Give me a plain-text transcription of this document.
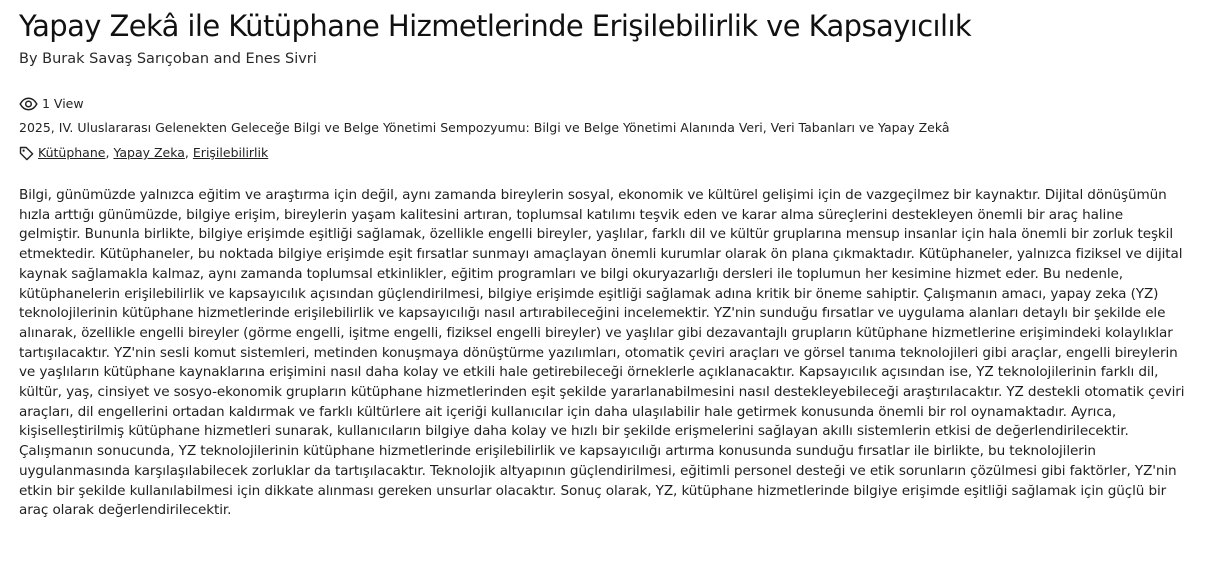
Yapay Zekâ ile Kütüphane Hizmetlerinde Erişilebilirlik ve Kapsayıcılık
By Burak Savaş Sarıçoban and Enes Sivri
1 View
2025, IV. Uluslararası Gelenekten Geleceğe Bilgi ve Belge Yönetimi Sempozyumu: Bilgi ve Belge Yönetimi Alanında Veri, Veri Tabanları ve Yapay Zekâ
Kütüphane , Yapay Zeka , Erişilebilirlik
Bilgi, günümüzde yalnızca eğitim ve araştırma için değil, aynı zamanda bireylerin sosyal, ekonomik ve kültürel gelişimi için de vazgeçilmez bir kaynaktır. Dijital dönüşümün hızla arttığı günümüzde, bilgiye erişim, bireylerin yaşam kalitesini artıran, toplumsal katılımı teşvik eden ve karar alma süreçlerini destekleyen önemli bir araç haline gelmiştir. Bununla birlikte, bilgiye erişimde eşitliği sağlamak, özellikle engelli bireyler, yaşlılar, farklı dil ve kültür gruplarına mensup insanlar için hala önemli bir zorluk teşkil etmektedir. Kütüphaneler, bu noktada bilgiye erişimde eşit fırsatlar sunmayı amaçlayan önemli kurumlar olarak ön plana çıkmaktadır. Kütüphaneler, yalnızca fiziksel ve dijital kaynak sağlamakla kalmaz, aynı zamanda toplumsal etkinlikler, eğitim programları ve bilgi okuryazarlığı dersleri ile toplumun her kesimine hizmet eder. Bu nedenle, kütüphanelerin erişilebilirlik ve kapsayıcılık açısından güçlendirilmesi, bilgiye erişimde eşitliği sağlamak adına kritik bir öneme sahiptir. Çalışmanın amacı, yapay zeka (YZ) teknolojilerinin kütüphane hizmetlerinde erişilebilirlik ve kapsayıcılığı nasıl artırabileceğini incelemektir. YZ'nin sunduğu fırsatlar ve uygulama alanları detaylı bir şekilde ele alınarak, özellikle engelli bireyler (görme engelli, işitme engelli, fiziksel engelli bireyler) ve yaşlılar gibi dezavantajlı grupların kütüphane hizmetlerine erişimindeki kolaylıklar tartışılacaktır. YZ'nin sesli komut sistemleri, metinden konuşmaya dönüştürme yazılımları, otomatik çeviri araçları ve görsel tanıma teknolojileri gibi araçlar, engelli bireylerin ve yaşlıların kütüphane kaynaklarına erişimini nasıl daha kolay ve etkili hale getirebileceği örneklerle açıklanacaktır. Kapsayıcılık açısından ise, YZ teknolojilerinin farklı dil, kültür, yaş, cinsiyet ve sosyo-ekonomik grupların kütüphane hizmetlerinden eşit şekilde yararlanabilmesini nasıl destekleyebileceği araştırılacaktır. YZ destekli otomatik çeviri araçları, dil engellerini ortadan kaldırmak ve farklı kültürlere ait içeriği kullanıcılar için daha ulaşılabilir hale getirmek konusunda önemli bir rol oynamaktadır. Ayrıca, kişiselleştirilmiş kütüphane hizmetleri sunarak, kullanıcıların bilgiye daha kolay ve hızlı bir şekilde erişmelerini sağlayan akıllı sistemlerin etkisi de değerlendirilecektir. Çalışmanın sonucunda, YZ teknolojilerinin kütüphane hizmetlerinde erişilebilirlik ve kapsayıcılığı artırma konusunda sunduğu fırsatlar ile birlikte, bu teknolojilerin uygulanmasında karşılaşılabilecek zorluklar da tartışılacaktır. Teknolojik altyapının güçlendirilmesi, eğitimli personel desteği ve etik sorunların çözülmesi gibi faktörler, YZ'nin etkin bir şekilde kullanılabilmesi için dikkate alınması gereken unsurlar olacaktır. Sonuç olarak, YZ, kütüphane hizmetlerinde bilgiye erişimde eşitliği sağlamak için güçlü bir araç olarak değerlendirilecektir.
